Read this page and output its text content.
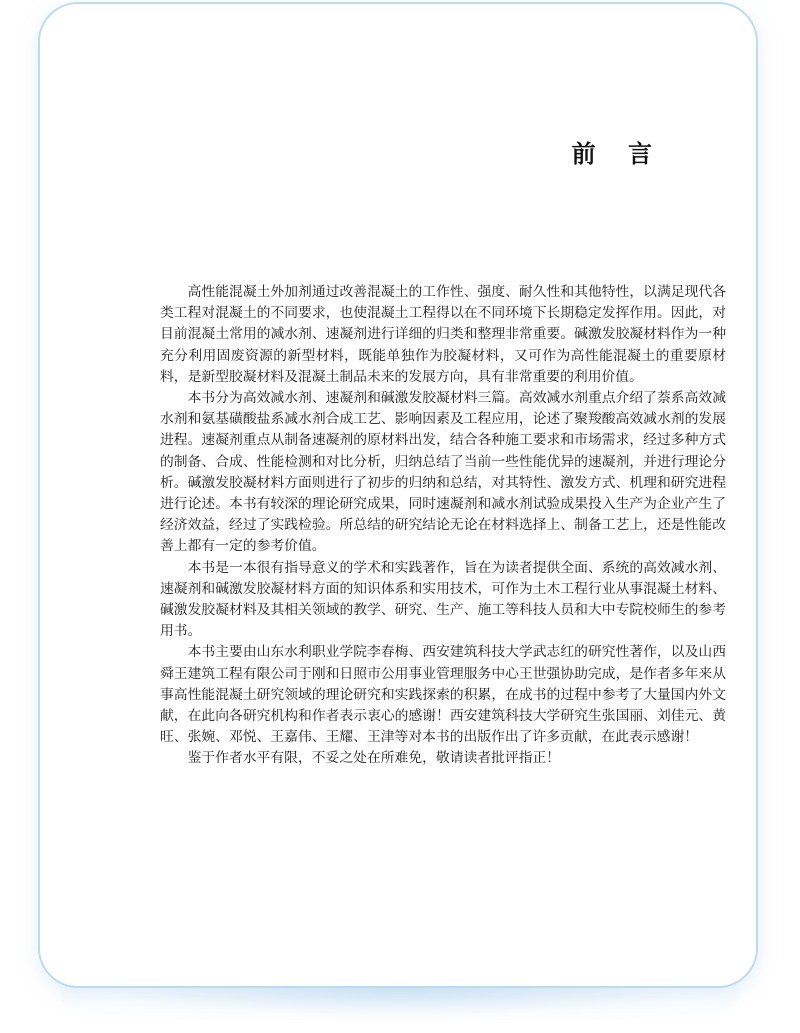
前 言

高性能混凝土外加剂通过改善混凝土的工作性、强度、耐久性和其他特性，以满足现代各类工程对混凝土的不同要求，也使混凝土工程得以在不同环境下长期稳定发挥作用。因此，对目前混凝土常用的减水剂、速凝剂进行详细的归类和整理非常重要。碱激发胶凝材料作为一种充分利用固废资源的新型材料，既能单独作为胶凝材料，又可作为高性能混凝土的重要原材料，是新型胶凝材料及混凝土制品未来的发展方向，具有非常重要的利用价值。

本书分为高效减水剂、速凝剂和碱激发胶凝材料三篇。高效减水剂重点介绍了萘系高效减水剂和氨基磺酸盐系减水剂合成工艺、影响因素及工程应用，论述了聚羧酸高效减水剂的发展进程。速凝剂重点从制备速凝剂的原材料出发，结合各种施工要求和市场需求，经过多种方式的制备、合成、性能检测和对比分析，归纳总结了当前一些性能优异的速凝剂，并进行理论分析。碱激发胶凝材料方面则进行了初步的归纳和总结，对其特性、激发方式、机理和研究进程进行论述。本书有较深的理论研究成果，同时速凝剂和减水剂试验成果投入生产为企业产生了经济效益，经过了实践检验。所总结的研究结论无论在材料选择上、制备工艺上，还是性能改善上都有一定的参考价值。

本书是一本很有指导意义的学术和实践著作，旨在为读者提供全面、系统的高效减水剂、速凝剂和碱激发胶凝材料方面的知识体系和实用技术，可作为土木工程行业从事混凝土材料、碱激发胶凝材料及其相关领域的教学、研究、生产、施工等科技人员和大中专院校师生的参考用书。

本书主要由山东水利职业学院李春梅、西安建筑科技大学武志红的研究性著作，以及山西舜王建筑工程有限公司于刚和日照市公用事业管理服务中心王世强协助完成，是作者多年来从事高性能混凝土研究领域的理论研究和实践探索的积累，在成书的过程中参考了大量国内外文献，在此向各研究机构和作者表示衷心的感谢！西安建筑科技大学研究生张国丽、刘佳元、黄旺、张婉、邓悦、王嘉伟、王耀、王津等对本书的出版作出了许多贡献，在此表示感谢！

鉴于作者水平有限，不妥之处在所难免，敬请读者批评指正！
